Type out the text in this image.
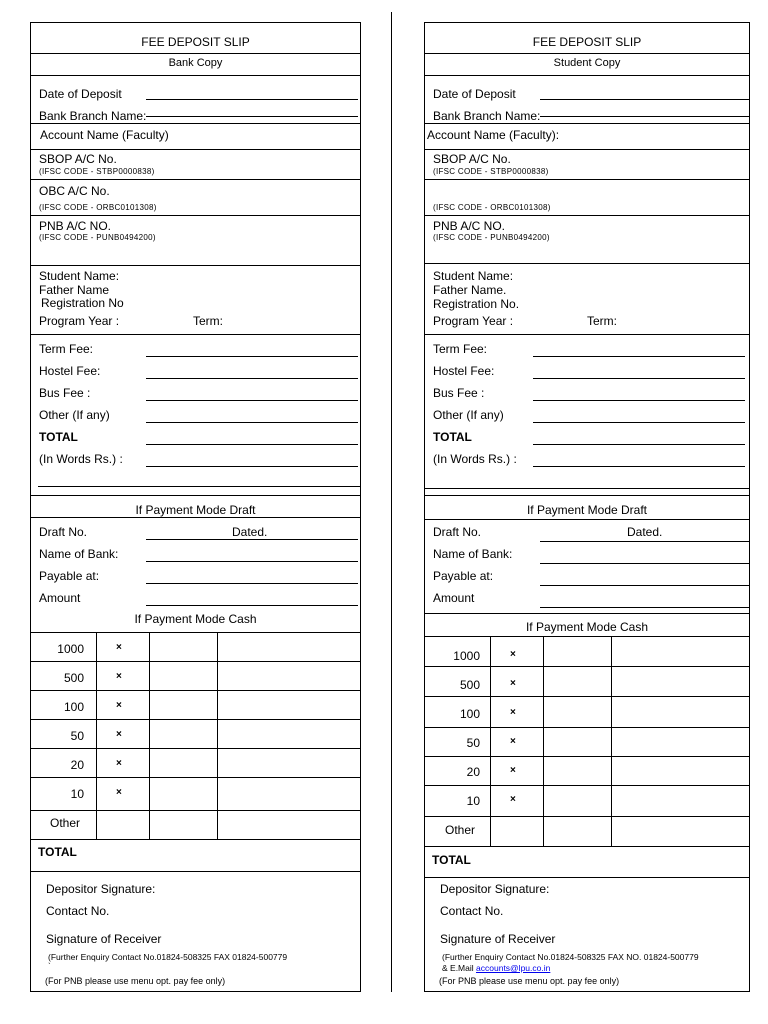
FEE DEPOSIT SLIP
Bank Copy
Date of Deposit
Bank Branch Name:
Account Name (Faculty)
SBOP A/C No.
(IFSC CODE - STBP0000838)
OBC A/C No.
(IFSC CODE - ORBC0101308)
PNB A/C NO.
(IFSC CODE - PUNB0494200)
Student Name:
Father Name
Registration No
Program Year :	Term:
Term Fee:
Hostel Fee:
Bus Fee :
Other (If any)
TOTAL
(In Words Rs.) :
If Payment Mode Draft
Draft No.	Dated.
Name of Bank:
Payable at:
Amount
If Payment Mode Cash
1000	×
500	×
100	×
50	×
20	×
10	×
Other
TOTAL
Depositor Signature:
Contact No.
Signature of Receiver
(Further Enquiry Contact No.01824-508325 FAX 01824-500779
`
(For PNB please use menu opt. pay fee only)
FEE DEPOSIT SLIP
Student Copy
Date of Deposit
Bank Branch Name:
Account Name (Faculty):
SBOP A/C No.
(IFSC CODE - STBP0000838)
(IFSC CODE - ORBC0101308)
PNB A/C NO.
(IFSC CODE - PUNB0494200)
Student Name:
Father Name.
Registration No.
Program Year :	Term:
Term Fee:
Hostel Fee:
Bus Fee :
Other (If any)
TOTAL
(In Words Rs.) :
If Payment Mode Draft
Draft No.	Dated.
Name of Bank:
Payable at:
Amount
If Payment Mode Cash
1000	×
500	×
100	×
50	×
20	×
10	×
Other
TOTAL
Depositor Signature:
Contact No.
Signature of Receiver
(Further Enquiry Contact No.01824-508325 FAX NO. 01824-500779
& E.Mail accounts@lpu.co.in
(For PNB please use menu opt. pay fee only)
